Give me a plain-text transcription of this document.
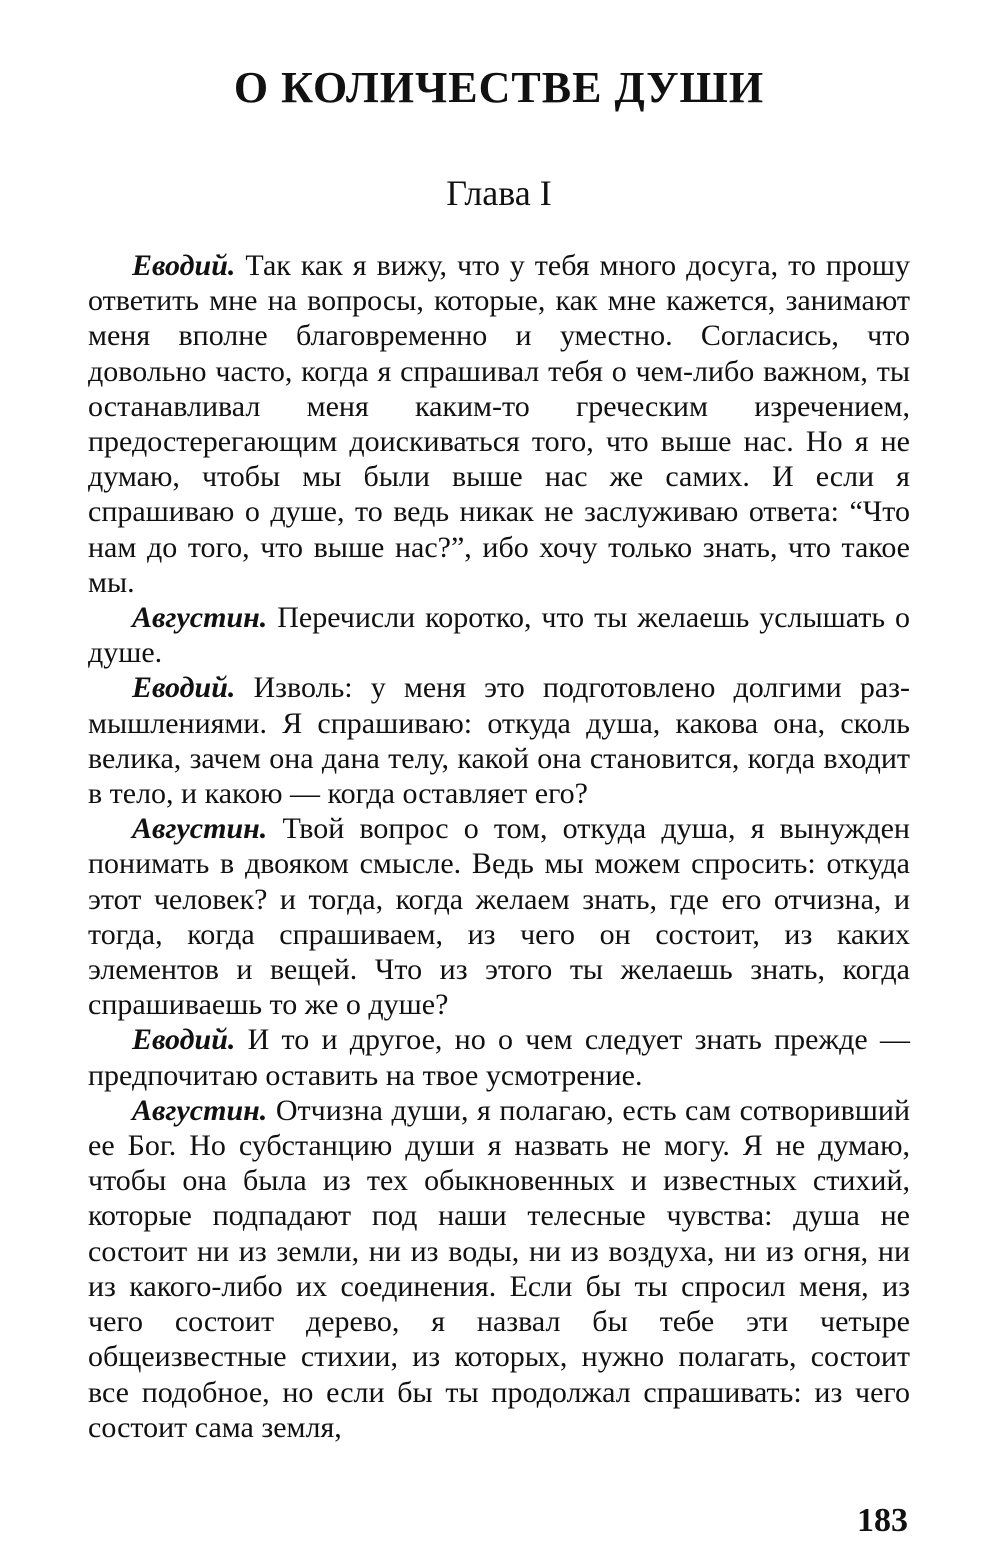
О КОЛИЧЕСТВЕ ДУШИ
Глава I

Еводий. Так как я вижу, что у тебя много досуга, то прошу ответить мне на вопросы, которые, как мне кажется, занимают меня вполне благовременно и уместно. Согласись, что довольно часто, когда я спрашивал тебя о чем-либо важном, ты останавливал меня каким-то греческим изречением, предостерегающим доискиваться того, что выше нас. Но я не думаю, чтобы мы были выше нас же самих. И если я спрашиваю о душе, то ведь никак не заслуживаю ответа: “Что нам до того, что выше нас?”, ибо хочу только знать, что такое мы.

Августин. Перечисли коротко, что ты желаешь услышать о душе.

Еводий. Изволь: у меня это подготовлено долгими размышлениями. Я спрашиваю: откуда душа, какова она, сколь велика, зачем она дана телу, какой она становится, когда входит в тело, и какою — когда оставляет его?

Августин. Твой вопрос о том, откуда душа, я вынужден понимать в двояком смысле. Ведь мы можем спросить: откуда этот человек? и тогда, когда желаем знать, где его отчизна, и тогда, когда спрашиваем, из чего он состоит, из каких элементов и вещей. Что из этого ты желаешь знать, когда спрашиваешь то же о душе?

Еводий. И то и другое, но о чем следует знать прежде — предпочитаю оставить на твое усмотрение.

Августин. Отчизна души, я полагаю, есть сам сотворивший ее Бог. Но субстанцию души я назвать не могу. Я не думаю, чтобы она была из тех обыкновенных и известных стихий, которые подпадают под наши телесные чувства: душа не состоит ни из земли, ни из воды, ни из воздуха, ни из огня, ни из какого-либо их соединения. Если бы ты спросил меня, из чего состоит дерево, я назвал бы тебе эти четыре общеизвестные стихии, из которых, нужно полагать, состоит все подобное, но если бы ты продолжал спрашивать: из чего состоит сама земля,

183
